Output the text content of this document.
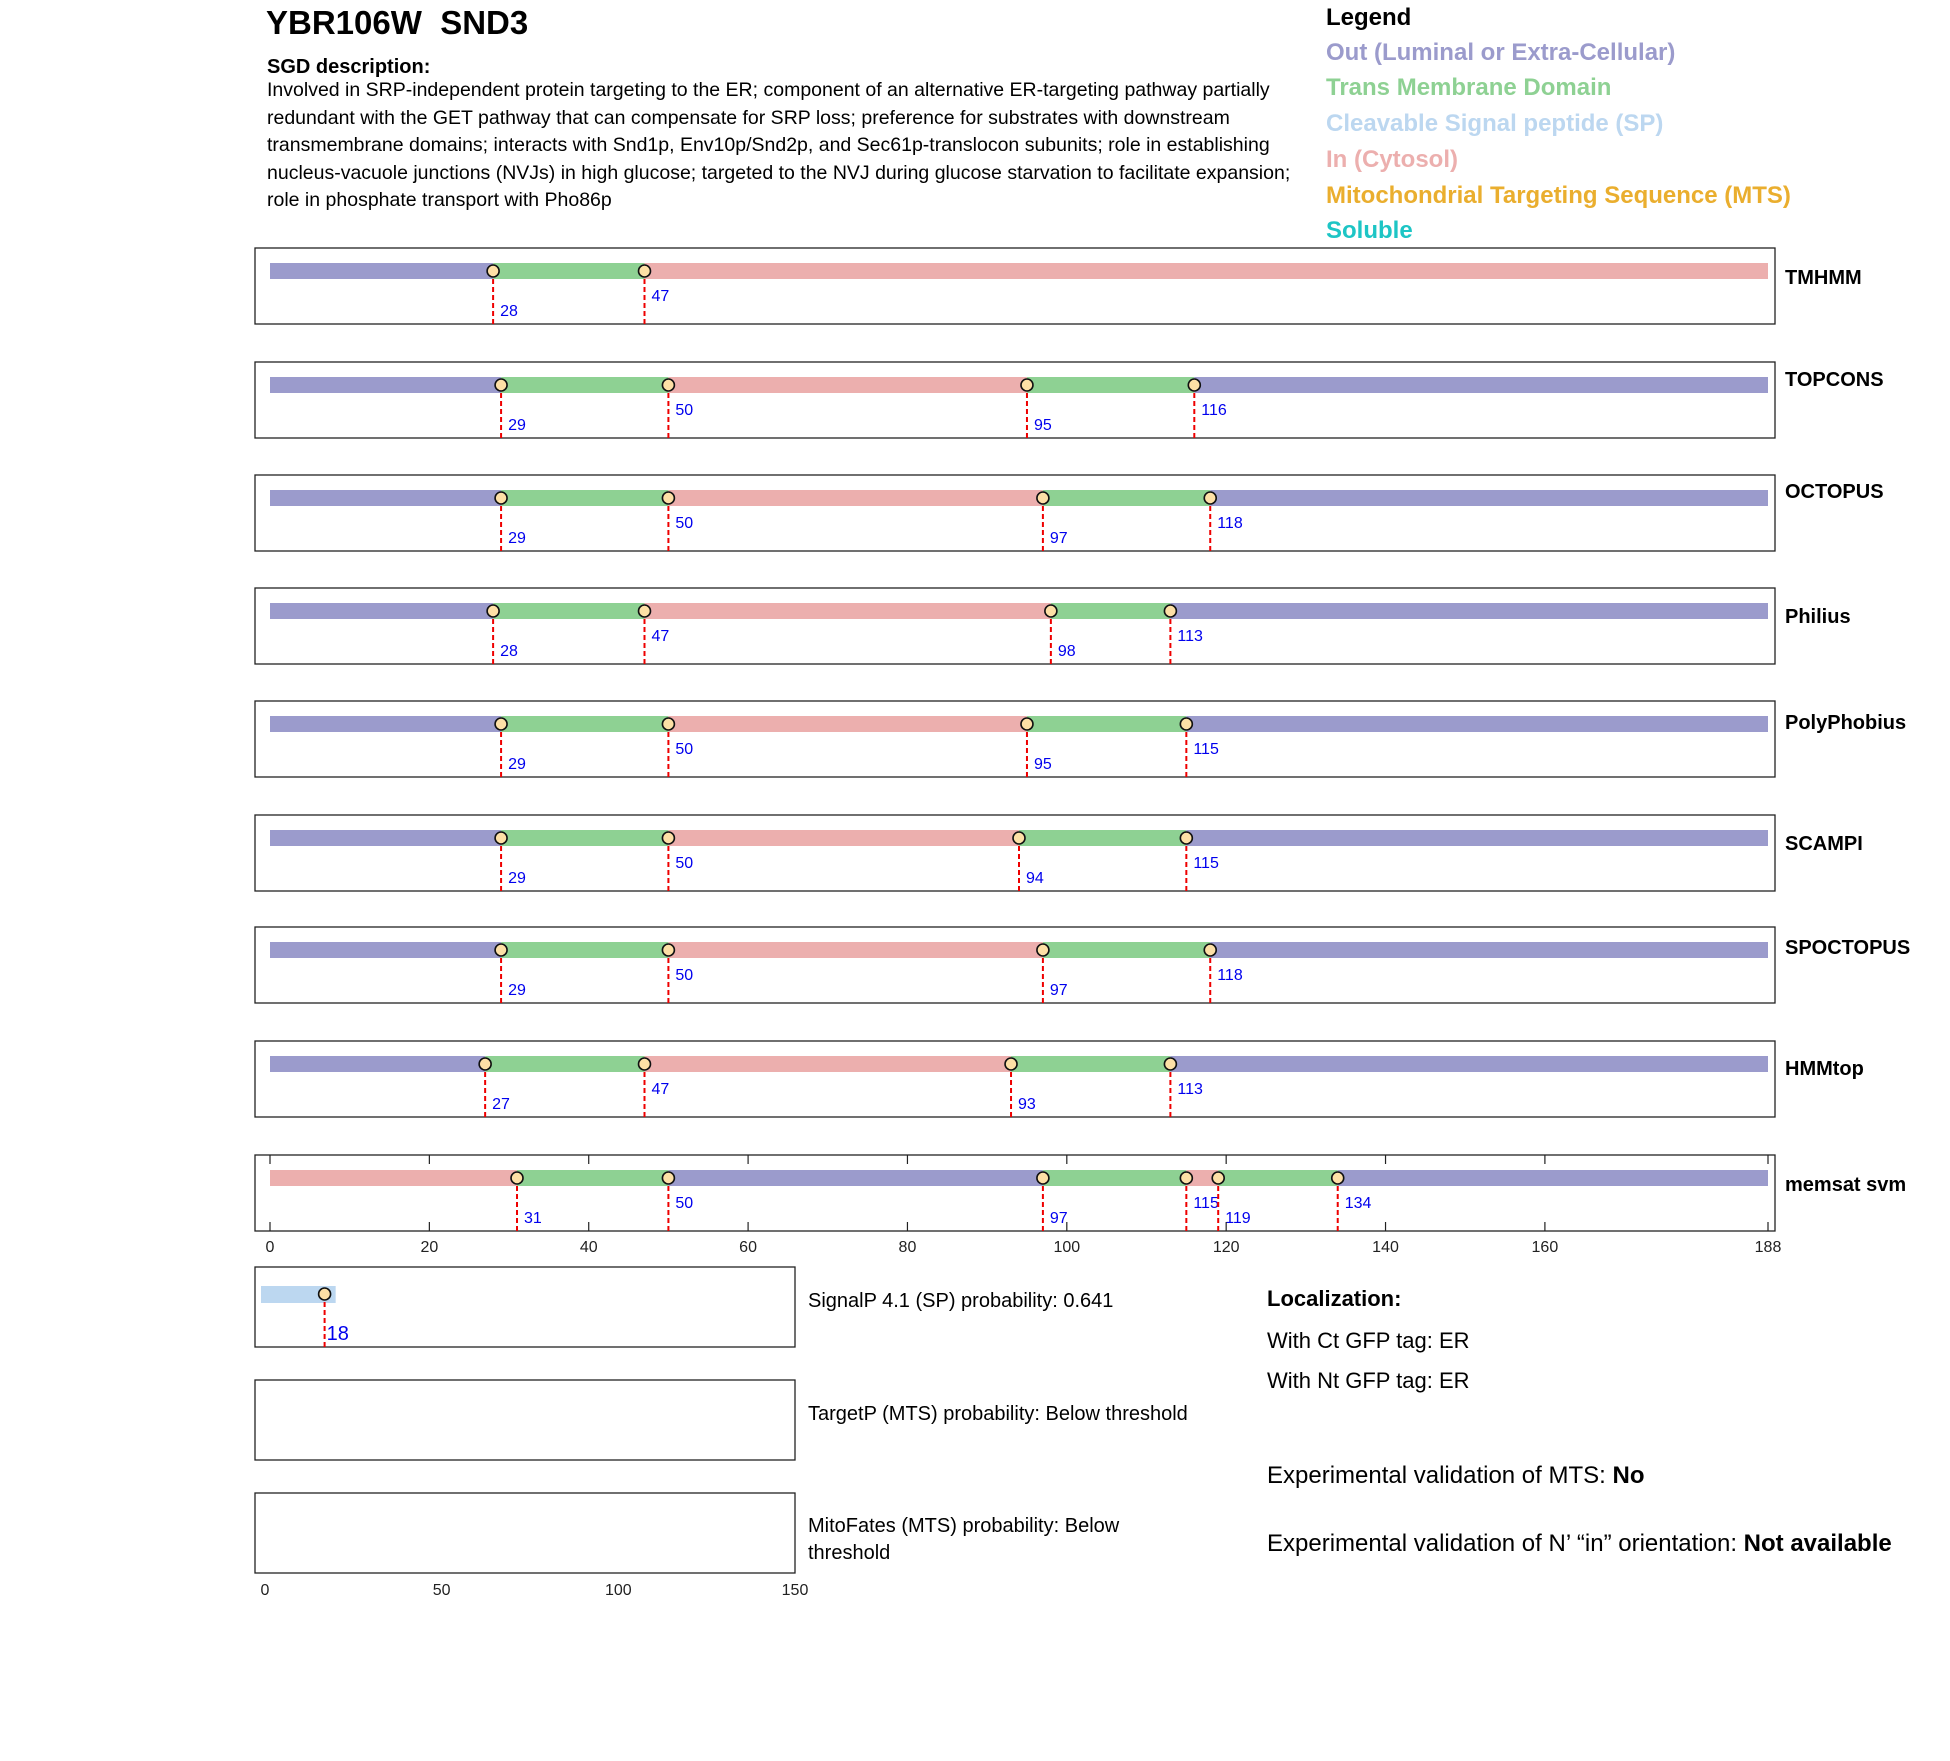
YBR106W  SND3
SGD description:
Involved in SRP-independent protein targeting to the ER; component of an alternative ER-targeting pathway partially redundant with the GET pathway that can compensate for SRP loss; preference for substrates with downstream transmembrane domains; interacts with Snd1p, Env10p/Snd2p, and Sec61p-translocon subunits; role in establishing nucleus-vacuole junctions (NVJs) in high glucose; targeted to the NVJ during glucose starvation to facilitate expansion; role in phosphate transport with Pho86p
Legend
Out (Luminal or Extra-Cellular)
Trans Membrane Domain
Cleavable Signal peptide (SP)
In (Cytosol)
Mitochondrial Targeting Sequence (MTS)
Soluble
28
47
TMHMM
29
50
95
116
TOPCONS
29
50
97
118
OCTOPUS
28
47
98
113
Philius
29
50
95
115
PolyPhobius
29
50
94
115
SCAMPI
29
50
97
118
SPOCTOPUS
27
47
93
113
HMMtop
31
50
97
115
119
134
memsat svm
0	20	40	60	80	100	120	140	160	188
18
0	50	100	150
SignalP 4.1 (SP) probability: 0.641
TargetP (MTS) probability: Below threshold
MitoFates (MTS) probability: Below threshold
Localization:
With Ct GFP tag: ER
With Nt GFP tag: ER
Experimental validation of MTS: No
Experimental validation of N’ “in” orientation: Not available
